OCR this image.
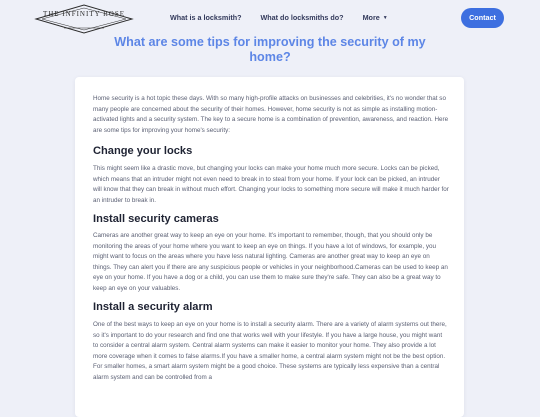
THE INFINITY ROSE	What is a locksmith?	What do locksmiths do?	More ▼	Contact
What are some tips for improving the security of my home?

Home security is a hot topic these days. With so many high-profile attacks on businesses and celebrities, it's no wonder that so many people are concerned about the security of their homes. However, home security is not as simple as installing motion-activated lights and a security system. The key to a secure home is a combination of prevention, awareness, and reaction. Here are some tips for improving your home's security:

Change your locks

This might seem like a drastic move, but changing your locks can make your home much more secure. Locks can be picked, which means that an intruder might not even need to break in to steal from your home. If your lock can be picked, an intruder will know that they can break in without much effort. Changing your locks to something more secure will make it much harder for an intruder to break in.

Install security cameras

Cameras are another great way to keep an eye on your home. It's important to remember, though, that you should only be monitoring the areas of your home where you want to keep an eye on things. If you have a lot of windows, for example, you might want to focus on the areas where you have less natural lighting. Cameras are another great way to keep an eye on things. They can alert you if there are any suspicious people or vehicles in your neighborhood.Cameras can be used to keep an eye on your home. If you have a dog or a child, you can use them to make sure they're safe. They can also be a great way to keep an eye on your valuables.

Install a security alarm

One of the best ways to keep an eye on your home is to install a security alarm. There are a variety of alarm systems out there, so it's important to do your research and find one that works well with your lifestyle. If you have a large house, you might want to consider a central alarm system. Central alarm systems can make it easier to monitor your home. They also provide a lot more coverage when it comes to false alarms.If you have a smaller home, a central alarm system might not be the best option. For smaller homes, a smart alarm system might be a good choice. These systems are typically less expensive than a central alarm system and can be controlled from a
